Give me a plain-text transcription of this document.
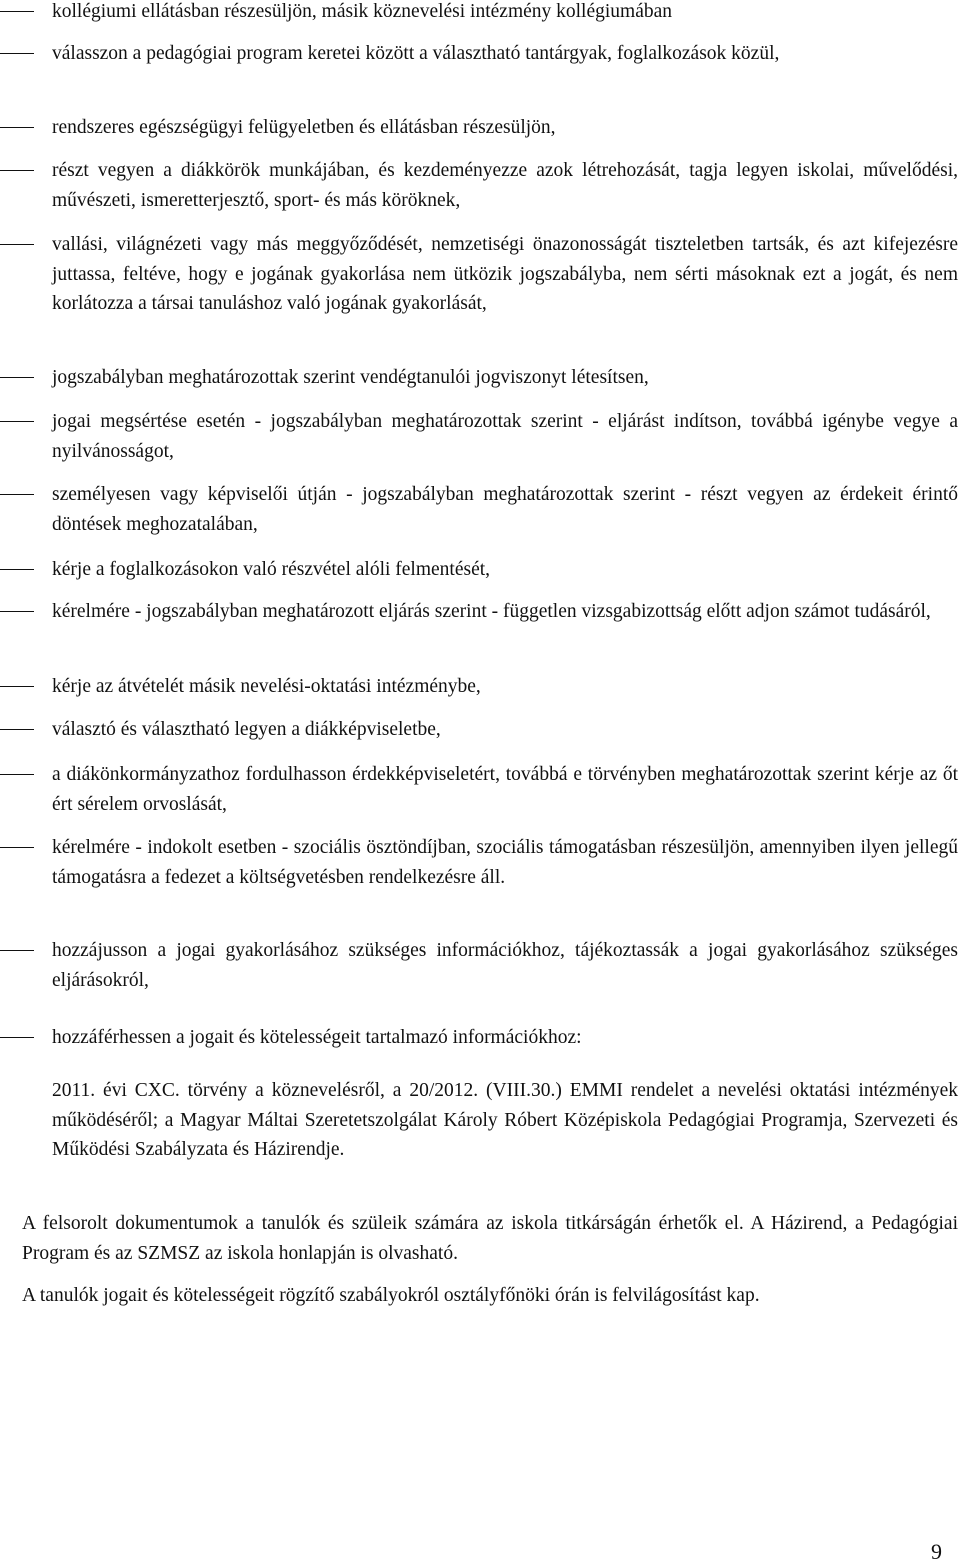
kollégiumi ellátásban részesüljön, másik köznevelési intézmény kollégiumában
válasszon a pedagógiai program keretei között a választható tantárgyak, foglalkozások közül,
rendszeres egészségügyi felügyeletben és ellátásban részesüljön,
részt vegyen a diákkörök munkájában, és kezdeményezze azok létrehozását, tagja legyen iskolai, művelődési, művészeti, ismeretterjesztő, sport- és más köröknek,
vallási, világnézeti vagy más meggyőződését, nemzetiségi önazonosságát tiszteletben tartsák, és azt kifejezésre juttassa, feltéve, hogy e jogának gyakorlása nem ütközik jogszabályba, nem sérti másoknak ezt a jogát, és nem korlátozza a társai tanuláshoz való jogának gyakorlását,
jogszabályban meghatározottak szerint vendégtanulói jogviszonyt létesítsen,
jogai megsértése esetén - jogszabályban meghatározottak szerint - eljárást indítson, továbbá igénybe vegye a nyilvánosságot,
személyesen vagy képviselői útján - jogszabályban meghatározottak szerint - részt vegyen az érdekeit érintő döntések meghozatalában,
kérje a foglalkozásokon való részvétel alóli felmentését,
kérelmére - jogszabályban meghatározott eljárás szerint - független vizsgabizottság előtt adjon számot tudásáról,
kérje az átvételét másik nevelési-oktatási intézménybe,
választó és választható legyen a diákképviseletbe,
a diákönkormányzathoz fordulhasson érdekképviseletért, továbbá e törvényben meghatározottak szerint kérje az őt ért sérelem orvoslását,
kérelmére - indokolt esetben - szociális ösztöndíjban, szociális támogatásban részesüljön, amennyiben ilyen jellegű támogatásra a fedezet a költségvetésben rendelkezésre áll.
hozzájusson a jogai gyakorlásához szükséges információkhoz, tájékoztassák a jogai gyakorlásához szükséges eljárásokról,
hozzáférhessen a jogait és kötelességeit tartalmazó információkhoz:
2011. évi CXC. törvény a köznevelésről, a 20/2012. (VIII.30.) EMMI rendelet a nevelési oktatási intézmények működéséről; a Magyar Máltai Szeretetszolgálat Károly Róbert Középiskola Pedagógiai Programja, Szervezeti és Működési Szabályzata és Házirendje.
A felsorolt dokumentumok a tanulók és szüleik számára az iskola titkárságán érhetők el. A Házirend, a Pedagógiai Program és az SZMSZ az iskola honlapján is olvasható.
A tanulók jogait és kötelességeit rögzítő szabályokról osztályfőnöki órán is felvilágosítást kap.
9
